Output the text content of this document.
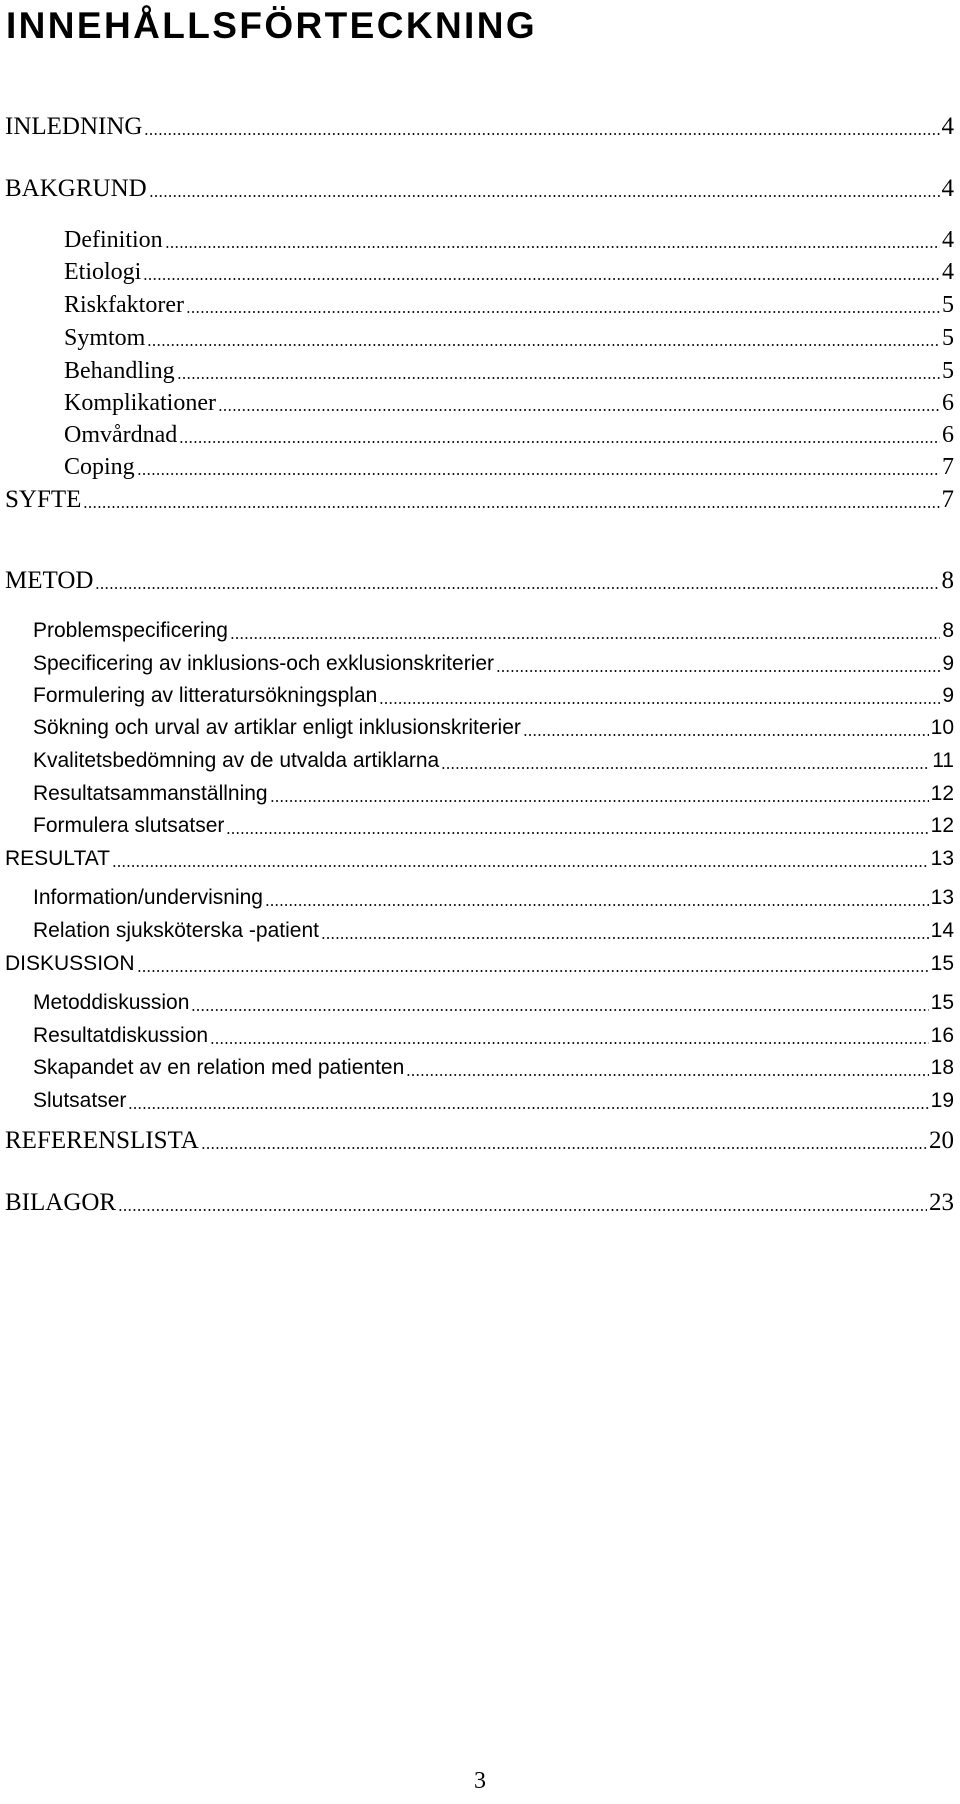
INNEHÅLLSFÖRTECKNING
INLEDNING	4
BAKGRUND	4
Definition	4
Etiologi	4
Riskfaktorer	5
Symtom	5
Behandling	5
Komplikationer	6
Omvårdnad	6
Coping	7
SYFTE	7
METOD	8
Problemspecificering	8
Specificering av inklusions-och exklusionskriterier	9
Formulering av litteratursökningsplan	9
Sökning och urval av artiklar enligt inklusionskriterier	10
Kvalitetsbedömning av de utvalda artiklarna	11
Resultatsammanställning	12
Formulera slutsatser	12
RESULTAT	13
Information/undervisning	13
Relation sjuksköterska -patient	14
DISKUSSION	15
Metoddiskussion	15
Resultatdiskussion	16
Skapandet av en relation med patienten	18
Slutsatser	19
REFERENSLISTA	20
BILAGOR	23
3
